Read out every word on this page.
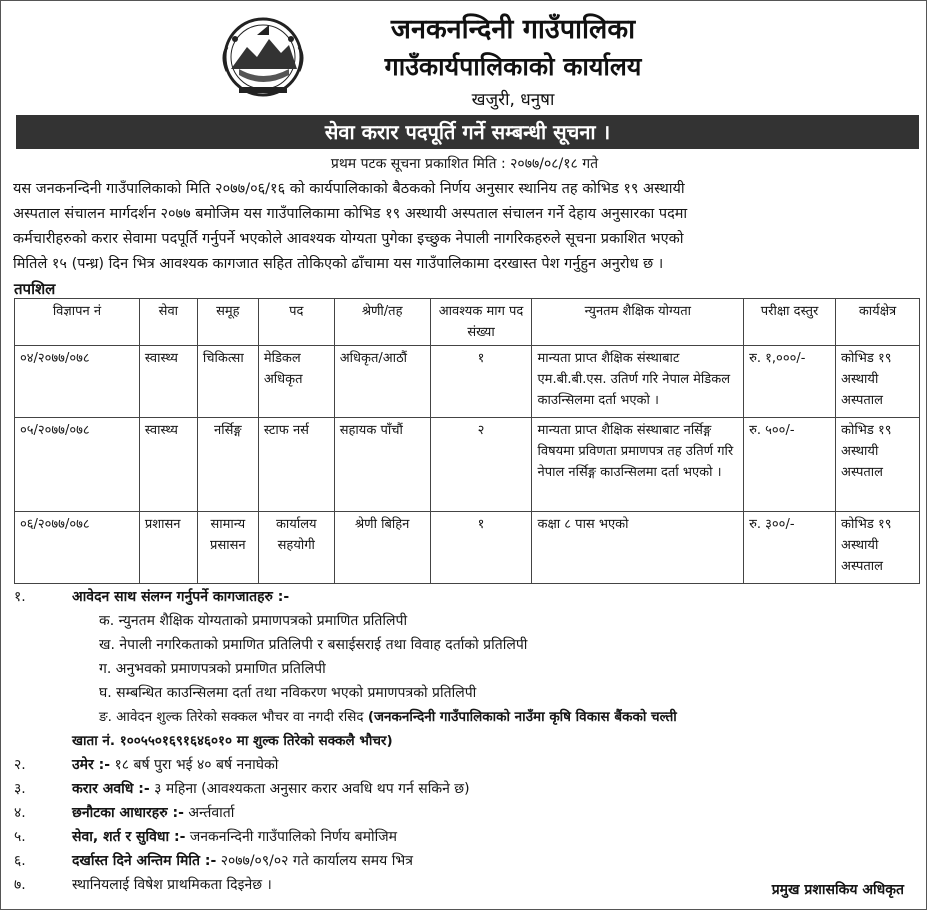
जनकनन्दिनी गाउँपालिका
गाउँकार्यपालिकाको कार्यालय
खजुरी, धनुषा
सेवा करार पदपूर्ति गर्ने सम्बन्धी सूचना ।
प्रथम पटक सूचना प्रकाशित मिति : २०७७/०८/१८ गते
यस जनकनन्दिनी गाउँपालिकाको मिति २०७७/०६/१६ को कार्यपालिकाको बैठकको निर्णय अनुसार स्थानिय तह कोभिड १९ अस्थायी
अस्पताल संचालन मार्गदर्शन २०७७ बमोजिम यस गाउँपालिकामा कोभिड १९ अस्थायी अस्पताल संचालन गर्ने देहाय अनुसारका पदमा
कर्मचारीहरुको करार सेवामा पदपूर्ति गर्नुपर्ने भएकोले आवश्यक योग्यता पुगेका इच्छुक नेपाली नागरिकहरुले सूचना प्रकाशित भएको
मितिले १५ (पन्ध्र) दिन भित्र आवश्यक कागजात सहित तोकिएको ढाँचामा यस गाउँपालिकामा दरखास्त पेश गर्नुहुन अनुरोध छ ।
तपशिल
विज्ञापन नं	सेवा	समूह	पद	श्रेणी/तह	आवश्यक माग पद संख्या	न्युनतम शैक्षिक योग्यता	परीक्षा दस्तुर	कार्यक्षेत्र
०४/२०७७/०७८	स्वास्थ्य	चिकित्सा	मेडिकल अधिकृत	अधिकृत/आठौं	१	मान्यता प्राप्त शैक्षिक संस्थाबाट एम.बी.बी.एस. उतिर्ण गरि नेपाल मेडिकल काउन्सिलमा दर्ता भएको ।	रु. १,०००/-	कोभिड १९ अस्थायी अस्पताल
०५/२०७७/०७८	स्वास्थ्य	नर्सिङ्ग	स्टाफ नर्स	सहायक पाँचौं	२	मान्यता प्राप्त शैक्षिक संस्थाबाट नर्सिङ्ग विषयमा प्रविणता प्रमाणपत्र तह उतिर्ण गरि नेपाल नर्सिङ्ग काउन्सिलमा दर्ता भएको ।	रु. ५००/-	कोभिड १९ अस्थायी अस्पताल
०६/२०७७/०७८	प्रशासन	सामान्य प्रसासन	कार्यालय सहयोगी	श्रेणी बिहिन	१	कक्षा ८ पास भएको	रु. ३००/-	कोभिड १९ अस्थायी अस्पताल
१.	आवेदन साथ संलग्न गर्नुपर्ने कागजातहरु :-
क. न्युनतम शैक्षिक योग्यताको प्रमाणपत्रको प्रमाणित प्रतिलिपी
ख. नेपाली नगरिकताको प्रमाणित प्रतिलिपी र बसाईसराई तथा विवाह दर्ताको प्रतिलिपी
ग. अनुभवको प्रमाणपत्रको प्रमाणित प्रतिलिपी
घ. सम्बन्धित काउन्सिलमा दर्ता तथा नविकरण भएको प्रमाणपत्रको प्रतिलिपी
ङ. आवेदन शुल्क तिरेको सक्कल भौचर वा नगदी रसिद (जनकनन्दिनी गाउँपालिकाको नाउँमा कृषि विकास बैंकको चल्ती
खाता नं. १००५५०१६९१६४६०१० मा शुल्क तिरेको सक्कलै भौचर)
२.	उमेर :- १८ बर्ष पुरा भई ४० बर्ष ननाघेको
३.	करार अवधि :- ३ महिना (आवश्यकता अनुसार करार अवधि थप गर्न सकिने छ)
४.	छनौटका आधारहरु :- अर्न्तवार्ता
५.	सेवा, शर्त र सुविधा :- जनकनन्दिनी गाउँपालिको निर्णय बमोजिम
६.	दर्खास्त दिने अन्तिम मिति :- २०७७/०९/०२ गते कार्यालय समय भित्र
७.	स्थानियलाई विषेश प्राथमिकता दिइनेछ ।	प्रमुख प्रशासकिय अधिकृत
